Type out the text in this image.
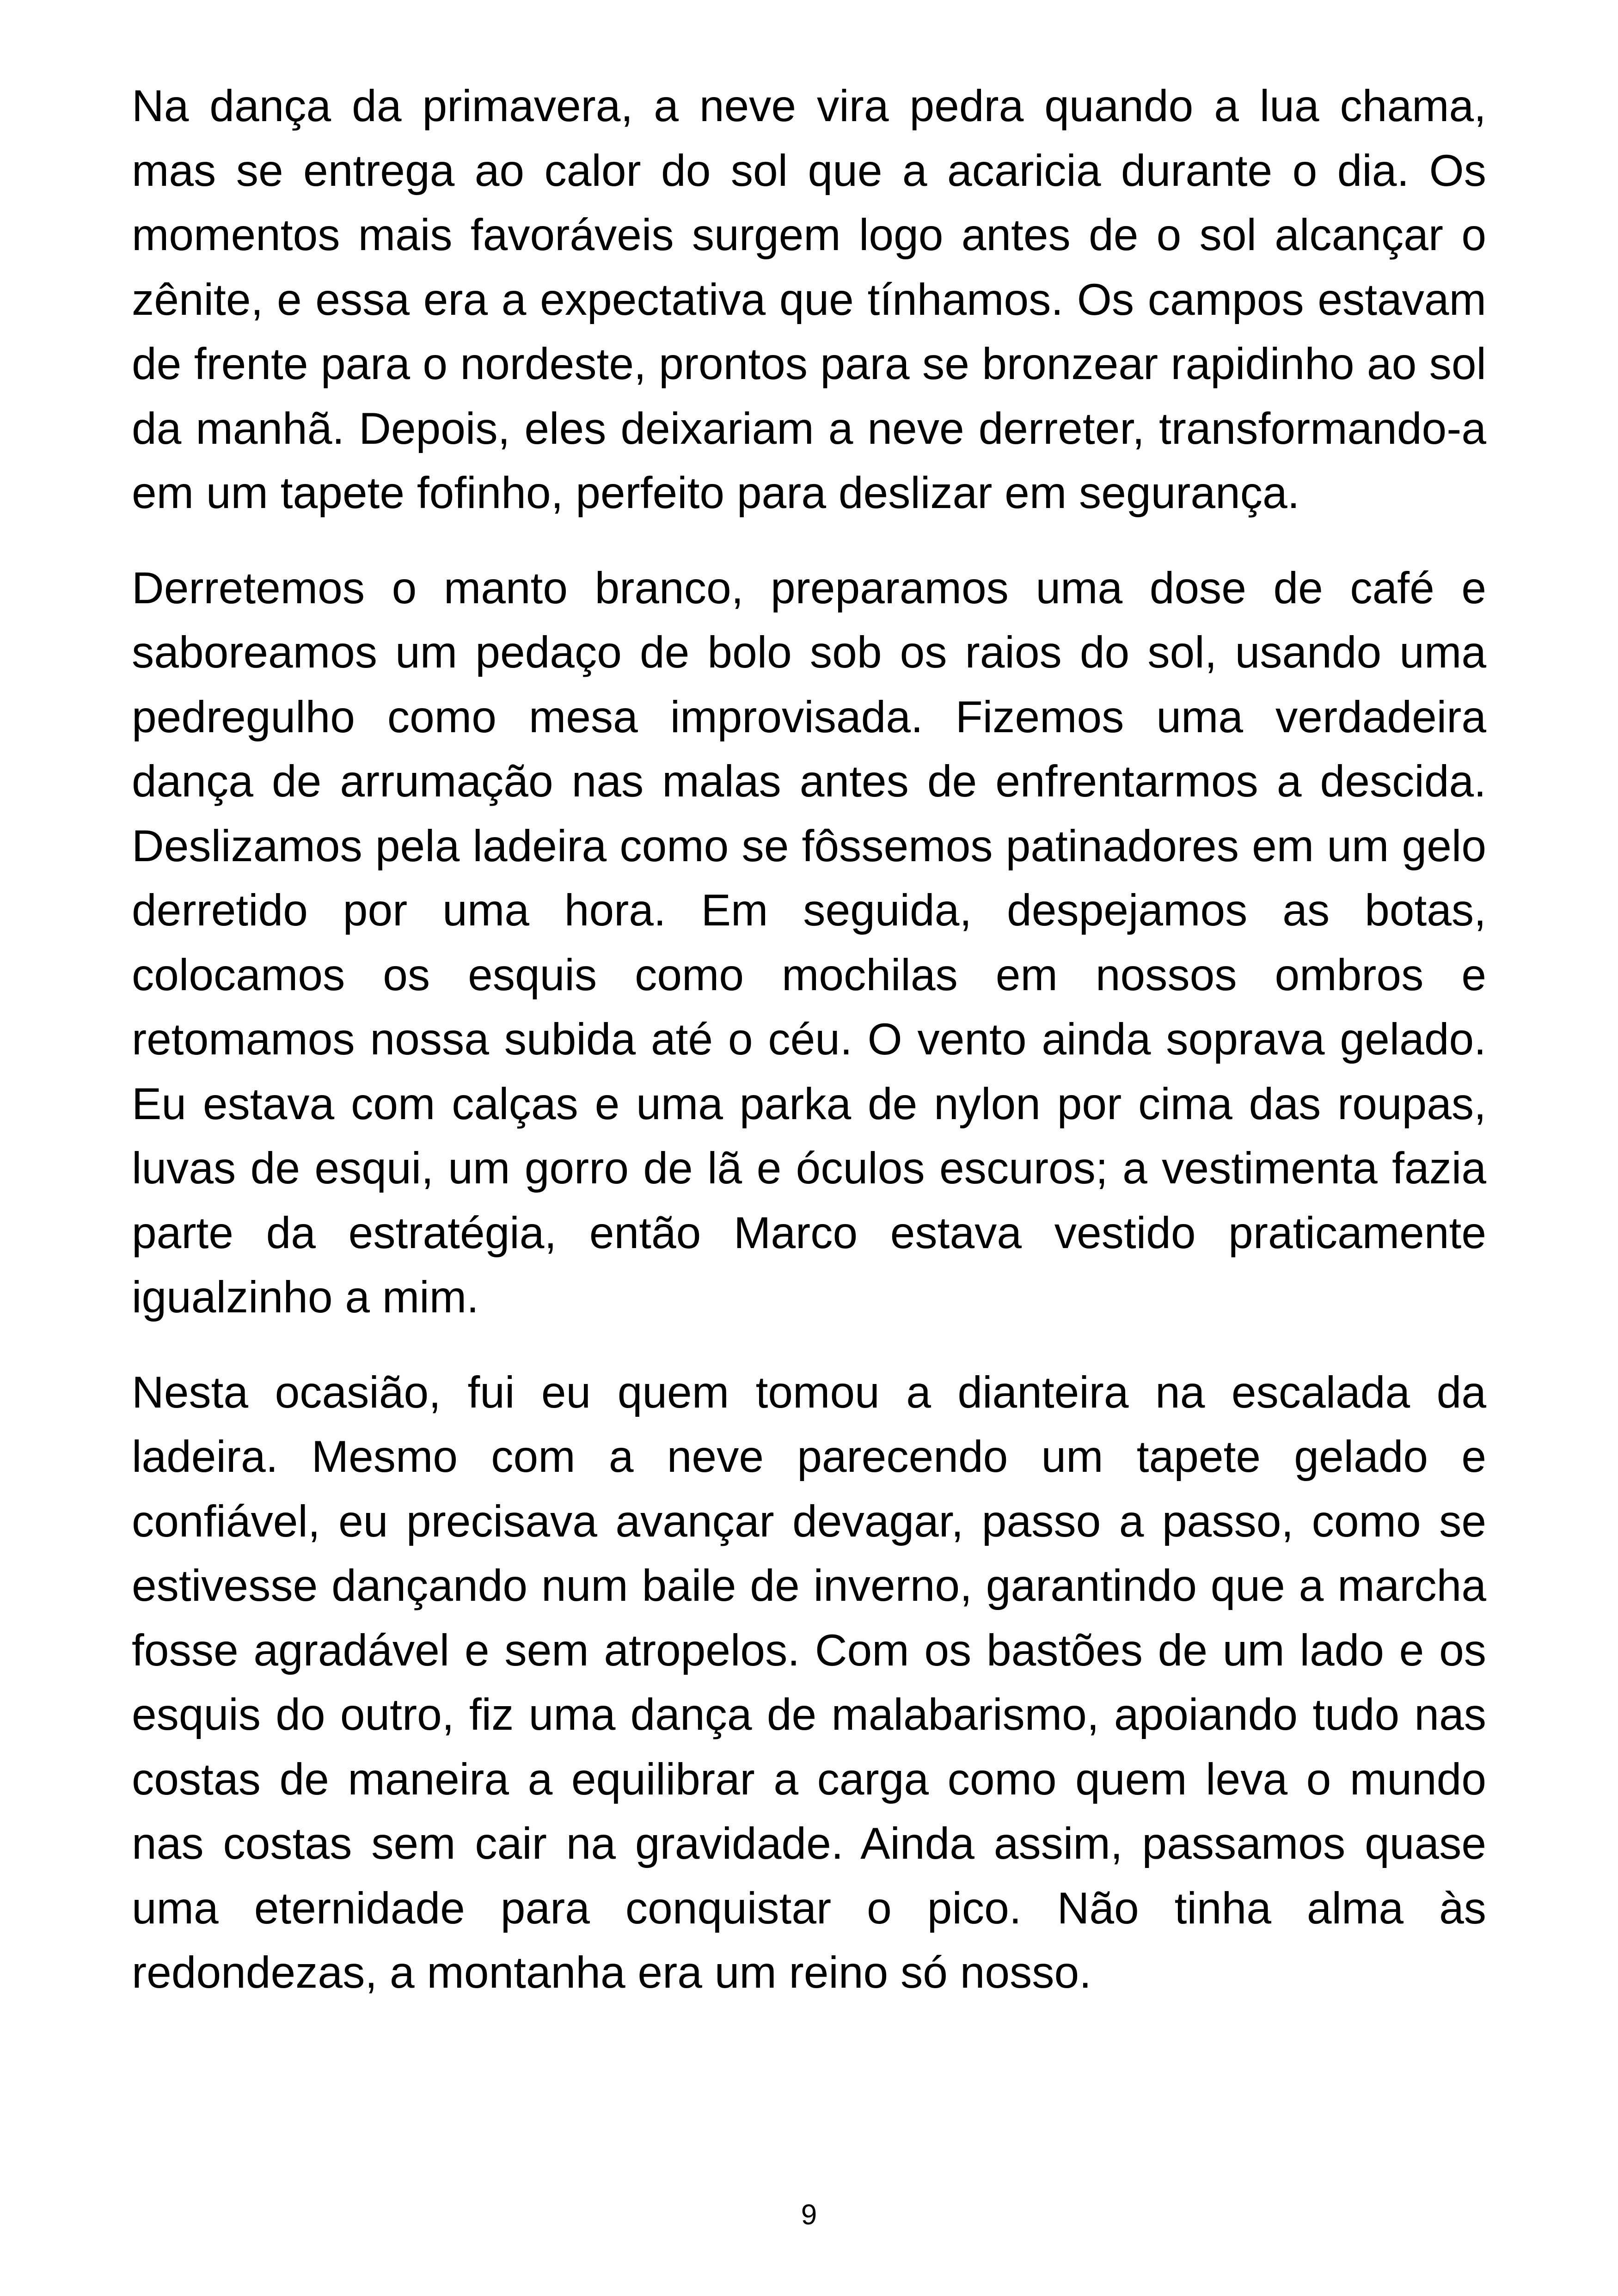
Na dança da primavera, a neve vira pedra quando a lua chama, mas se entrega ao calor do sol que a acaricia durante o dia. Os momentos mais favoráveis surgem logo antes de o sol alcançar o zênite, e essa era a expectativa que tínhamos. Os campos estavam de frente para o nordeste, prontos para se bronzear rapidinho ao sol da manhã. Depois, eles deixariam a neve derreter, transformando-a em um tapete fofinho, perfeito para deslizar em segurança.

Derretemos o manto branco, preparamos uma dose de café e saboreamos um pedaço de bolo sob os raios do sol, usando uma pedregulho como mesa improvisada. Fizemos uma verdadeira dança de arrumação nas malas antes de enfrentarmos a descida. Deslizamos pela ladeira como se fôssemos patinadores em um gelo derretido por uma hora. Em seguida, despejamos as botas, colocamos os esquis como mochilas em nossos ombros e retomamos nossa subida até o céu. O vento ainda soprava gelado. Eu estava com calças e uma parka de nylon por cima das roupas, luvas de esqui, um gorro de lã e óculos escuros; a vestimenta fazia parte da estratégia, então Marco estava vestido praticamente igualzinho a mim.

Nesta ocasião, fui eu quem tomou a dianteira na escalada da ladeira. Mesmo com a neve parecendo um tapete gelado e confiável, eu precisava avançar devagar, passo a passo, como se estivesse dançando num baile de inverno, garantindo que a marcha fosse agradável e sem atropelos. Com os bastões de um lado e os esquis do outro, fiz uma dança de malabarismo, apoiando tudo nas costas de maneira a equilibrar a carga como quem leva o mundo nas costas sem cair na gravidade. Ainda assim, passamos quase uma eternidade para conquistar o pico. Não tinha alma às redondezas, a montanha era um reino só nosso.

9
